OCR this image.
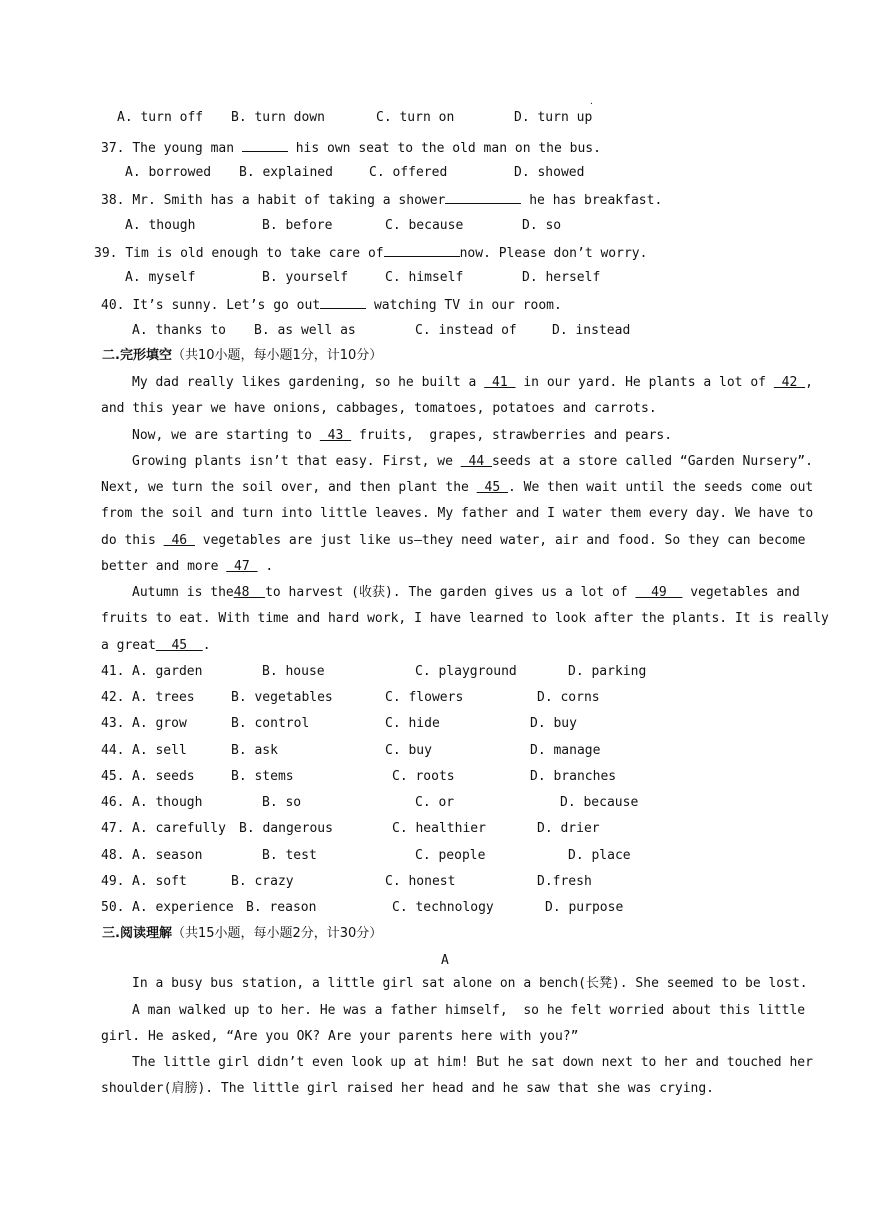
.
A. turn off B. turn down	C. turn on	D. turn up
37. The young man	his own seat to the old man on the bus.
A. borrowed B. explained	C. offered	D. showed
38. Mr. Smith has a habit of taking a shower	he has breakfast.
A. though	B. before	C. because	D. so
39. Tim is old enough to take care of	now. Please don’t worry.
A. myself	B. yourself	C. himself	D. herself
40. It’s sunny. Let’s go out	watching TV in our room.
A. thanks to B. as well as	C. instead of	D. instead
二.完形填空（共10小题，每小题1分，计10分）
My dad really likes gardening, so he built a  41  in our yard. He plants a lot of  42 ,
and this year we have onions, cabbages, tomatoes, potatoes and carrots.
Now, we are starting to  43  fruits,  grapes, strawberries and pears.
Growing plants isn’t that easy. First, we  44 seeds at a store called “Garden Nursery”.
Next, we turn the soil over, and then plant the  45 . We then wait until the seeds come out
from the soil and turn into little leaves. My father and I water them every day. We have to
do this  46  vegetables are just like us—they need water, air and food. So they can become
better and more  47  .
Autumn is the48  to harvest (收获). The garden gives us a lot of   49   vegetables and
fruits to eat. With time and hard work, I have learned to look after the plants. It is really
a great  45  .
41. A. garden	B. house	C. playground	D. parking
42. A. trees	B. vegetables	C. flowers	D. corns
43. A. grow	B. control	C. hide	D. buy
44. A. sell	B. ask	C. buy	D. manage
45. A. seeds	B. stems	C. roots	D. branches
46. A. though	B. so	C. or	D. because
47. A. carefully B. dangerous	C. healthier	D. drier
48. A. season	B. test	C. people	D. place
49. A. soft	B. crazy	C. honest	D.fresh
50. A. experience B. reason	C. technology	D. purpose
三.阅读理解（共15小题，每小题2分，计30分）
A
In a busy bus station, a little girl sat alone on a bench(长凳). She seemed to be lost.
A man walked up to her. He was a father himself,  so he felt worried about this little
girl. He asked, “Are you OK? Are your parents here with you?”
The little girl didn’t even look up at him! But he sat down next to her and touched her
shoulder(肩膀). The little girl raised her head and he saw that she was crying.
